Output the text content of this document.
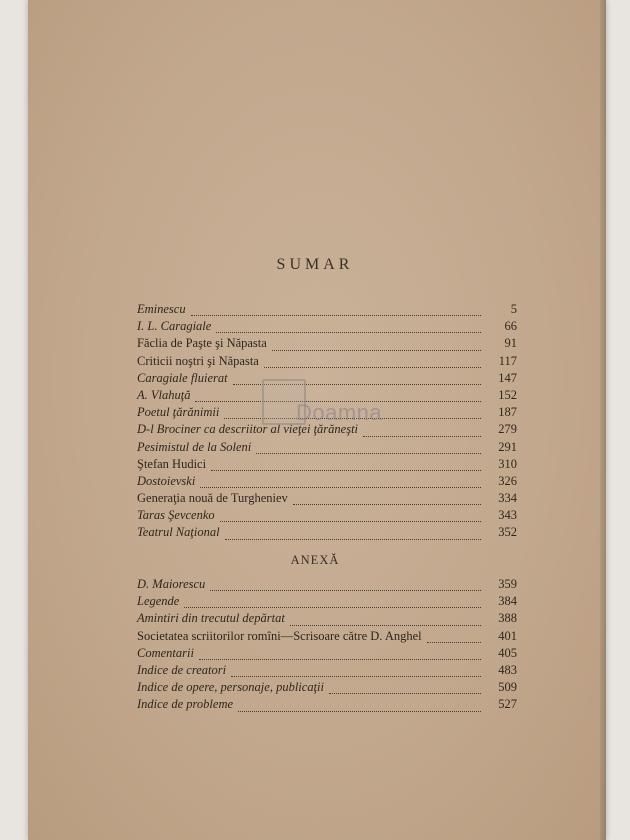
SUMAR
Eminescu	5
I. L. Caragiale	66
Făclia de Paşte şi Năpasta	91
Criticii noştri şi Năpasta	117
Caragiale fluierat	147
A. Vlahuţă	152
Poetul ţărănimii	187
D-l Brociner ca descriitor al vieţei ţărăneşti	279
Pesimistul de la Soleni	291
Ştefan Hudici	310
Dostoievski	326
Generaţia nouă de Turgheniev	334
Taras Şevcenko	343
Teatrul Naţional	352
ANEXĂ
D. Maiorescu	359
Legende	384
Amintiri din trecutul depărtat	388
Societatea scriitorilor romîni—Scrisoare către D. Anghel	401
Comentarii	405
Indice de creatori	483
Indice de opere, personaje, publicaţii	509
Indice de probleme	527
Doamna
